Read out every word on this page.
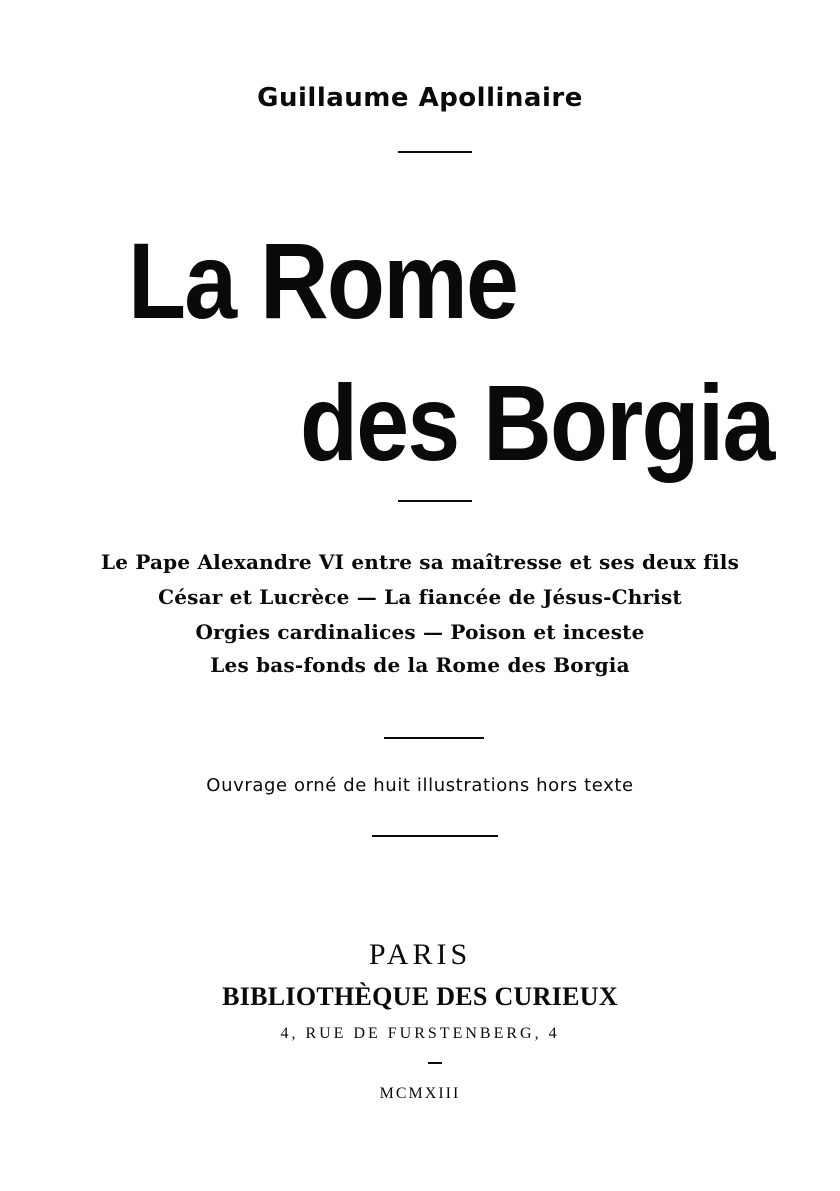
Guillaume Apollinaire
La Rome
des Borgia
Le Pape Alexandre VI entre sa maîtresse et ses deux fils
César et Lucrèce — La fiancée de Jésus-Christ
Orgies cardinalices — Poison et inceste
Les bas-fonds de la Rome des Borgia
Ouvrage orné de huit illustrations hors texte
PARIS
BIBLIOTHÈQUE DES CURIEUX
4, RUE DE FURSTENBERG, 4
MCMXIII
